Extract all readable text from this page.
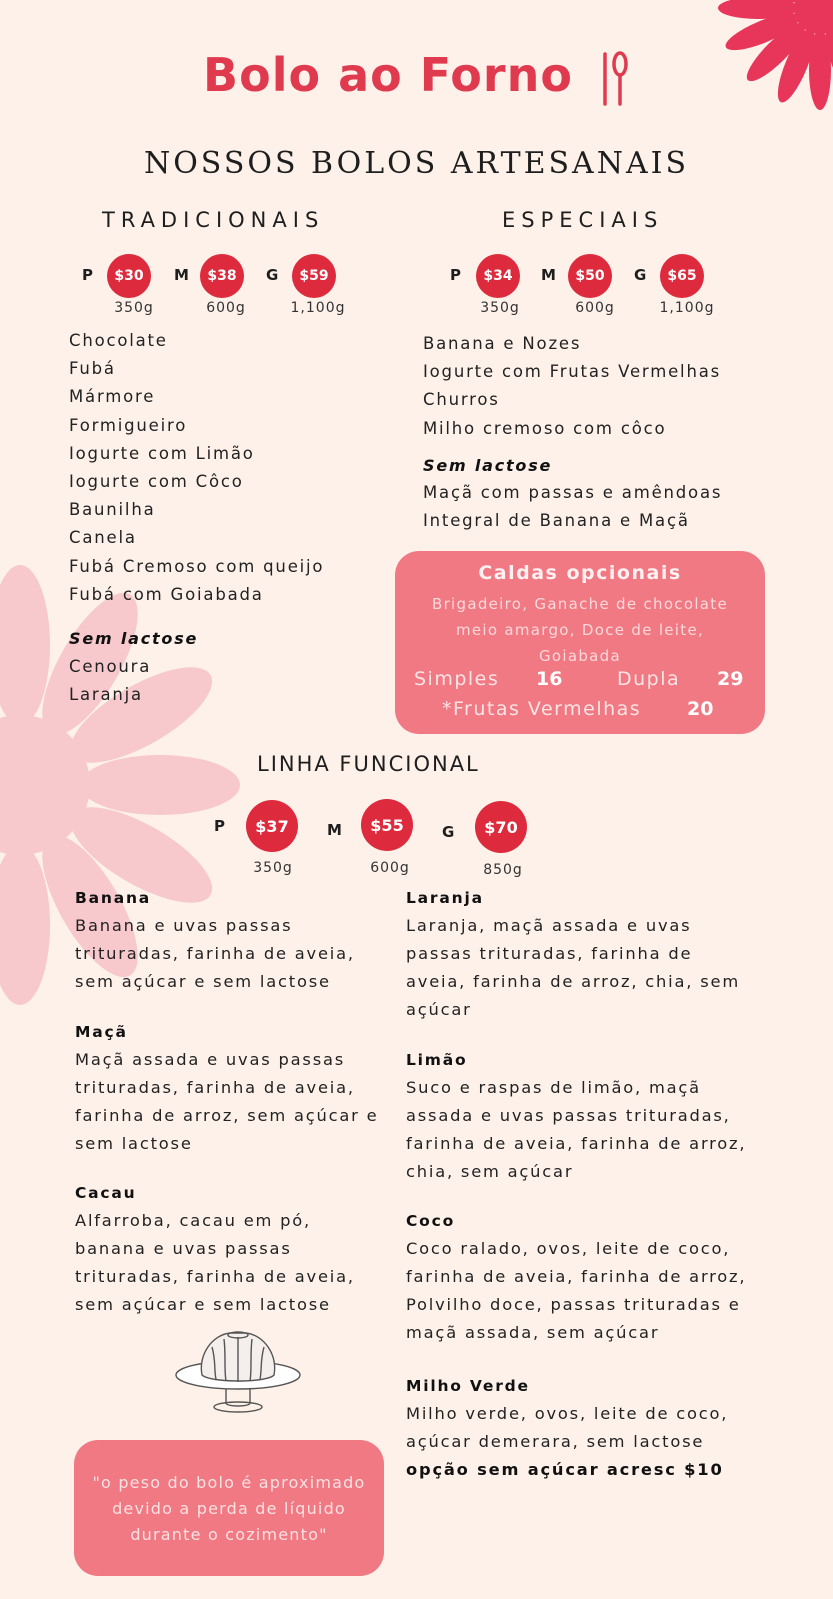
Bolo ao Forno
NOSSOS BOLOS ARTESANAIS
TRADICIONAIS
P	$30	M	$38	G	$59
350g	600g	1,100g
Chocolate
Fubá
Mármore
Formigueiro
Iogurte com Limão
Iogurte com Côco
Baunilha
Canela
Fubá Cremoso com queijo
Fubá com Goiabada
Sem lactose
Cenoura
Laranja
ESPECIAIS
P	$34	M	$50	G	$65
350g	600g	1,100g
Banana e Nozes
Iogurte com Frutas Vermelhas
Churros
Milho cremoso com côco
Sem lactose
Maçã com passas e amêndoas
Integral de Banana e Maçã
Caldas opcionais
Brigadeiro, Ganache de chocolate
meio amargo, Doce de leite,
Goiabada
Simples 16	Dupla 29
*Frutas Vermelhas 20
LINHA FUNCIONAL
P	$37	M	$55	G	$70
350g	600g	850g
Banana
Banana e uvas passas
trituradas, farinha de aveia,
sem açúcar e sem lactose
Maçã
Maçã assada e uvas passas
trituradas, farinha de aveia,
farinha de arroz, sem açúcar e
sem lactose
Cacau
Alfarroba, cacau em pó,
banana e uvas passas
trituradas, farinha de aveia,
sem açúcar e sem lactose
Laranja
Laranja, maçã assada e uvas
passas trituradas, farinha de
aveia, farinha de arroz, chia, sem
açúcar
Limão
Suco e raspas de limão, maçã
assada e uvas passas trituradas,
farinha de aveia, farinha de arroz,
chia, sem açúcar
Coco
Coco ralado, ovos, leite de coco,
farinha de aveia, farinha de arroz,
Polvilho doce, passas trituradas e
maçã assada, sem açúcar
Milho Verde
Milho verde, ovos, leite de coco,
açúcar demerara, sem lactose
opção sem açúcar acresc $10
"o peso do bolo é aproximado
devido a perda de líquido
durante o cozimento"
